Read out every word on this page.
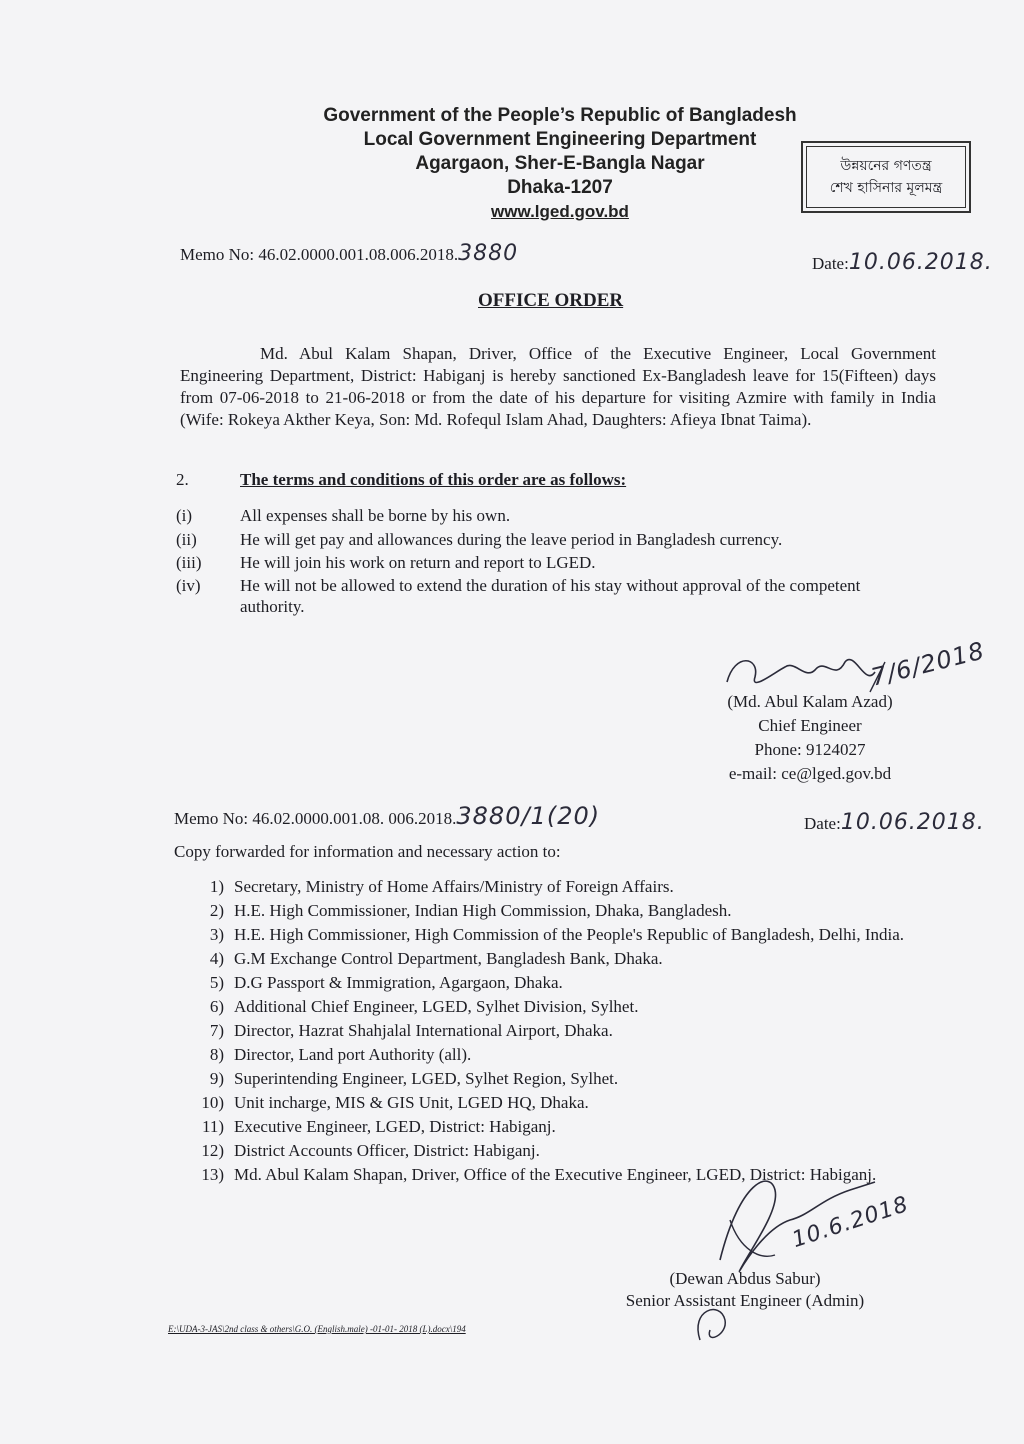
Government of the People’s Republic of Bangladesh
Local Government Engineering Department
Agargaon, Sher-E-Bangla Nagar
Dhaka-1207
www.lged.gov.bd
উন্নয়নের গণতন্ত্র
শেখ হাসিনার মূলমন্ত্র
Memo No: 46.02.0000.001.08.006.2018.3880	Date:10.06.2018.
OFFICE ORDER
Md. Abul Kalam Shapan, Driver, Office of the Executive Engineer, Local Government Engineering Department, District: Habiganj is hereby sanctioned Ex-Bangladesh leave for 15(Fifteen) days from 07-06-2018 to 21-06-2018 or from the date of his departure for visiting Azmire with family in India (Wife: Rokeya Akther Keya, Son: Md. Rofequl Islam Ahad, Daughters: Afieya Ibnat Taima).
2.	The terms and conditions of this order are as follows:
(i)	All expenses shall be borne by his own.
(ii)	He will get pay and allowances during the leave period in Bangladesh currency.
(iii) He will join his work on return and report to LGED.
(iv) He will not be allowed to extend the duration of his stay without approval of the competent authority.
7/6/2018
(Md. Abul Kalam Azad)
Chief Engineer
Phone: 9124027
e-mail: ce@lged.gov.bd
Memo No: 46.02.0000.001.08. 006.2018.3880/1(20)	Date:10.06.2018.
Copy forwarded for information and necessary action to:
1) Secretary, Ministry of Home Affairs/Ministry of Foreign Affairs.
2) H.E. High Commissioner, Indian High Commission, Dhaka, Bangladesh.
3) H.E. High Commissioner, High Commission of the People's Republic of Bangladesh, Delhi, India.
4) G.M Exchange Control Department, Bangladesh Bank, Dhaka.
5) D.G Passport & Immigration, Agargaon, Dhaka.
6) Additional Chief Engineer, LGED, Sylhet Division, Sylhet.
7) Director, Hazrat Shahjalal International Airport, Dhaka.
8) Director, Land port Authority (all).
9) Superintending Engineer, LGED, Sylhet Region, Sylhet.
10) Unit incharge, MIS & GIS Unit, LGED HQ, Dhaka.
11) Executive Engineer, LGED, District: Habiganj.
12) District Accounts Officer, District: Habiganj.
13) Md. Abul Kalam Shapan, Driver, Office of the Executive Engineer, LGED, District: Habiganj.
10.6.2018
(Dewan Abdus Sabur)
Senior Assistant Engineer (Admin)
E:\UDA-3-JAS\2nd class & others\G.O. (English.male) -01-01- 2018 (L).docx\194
